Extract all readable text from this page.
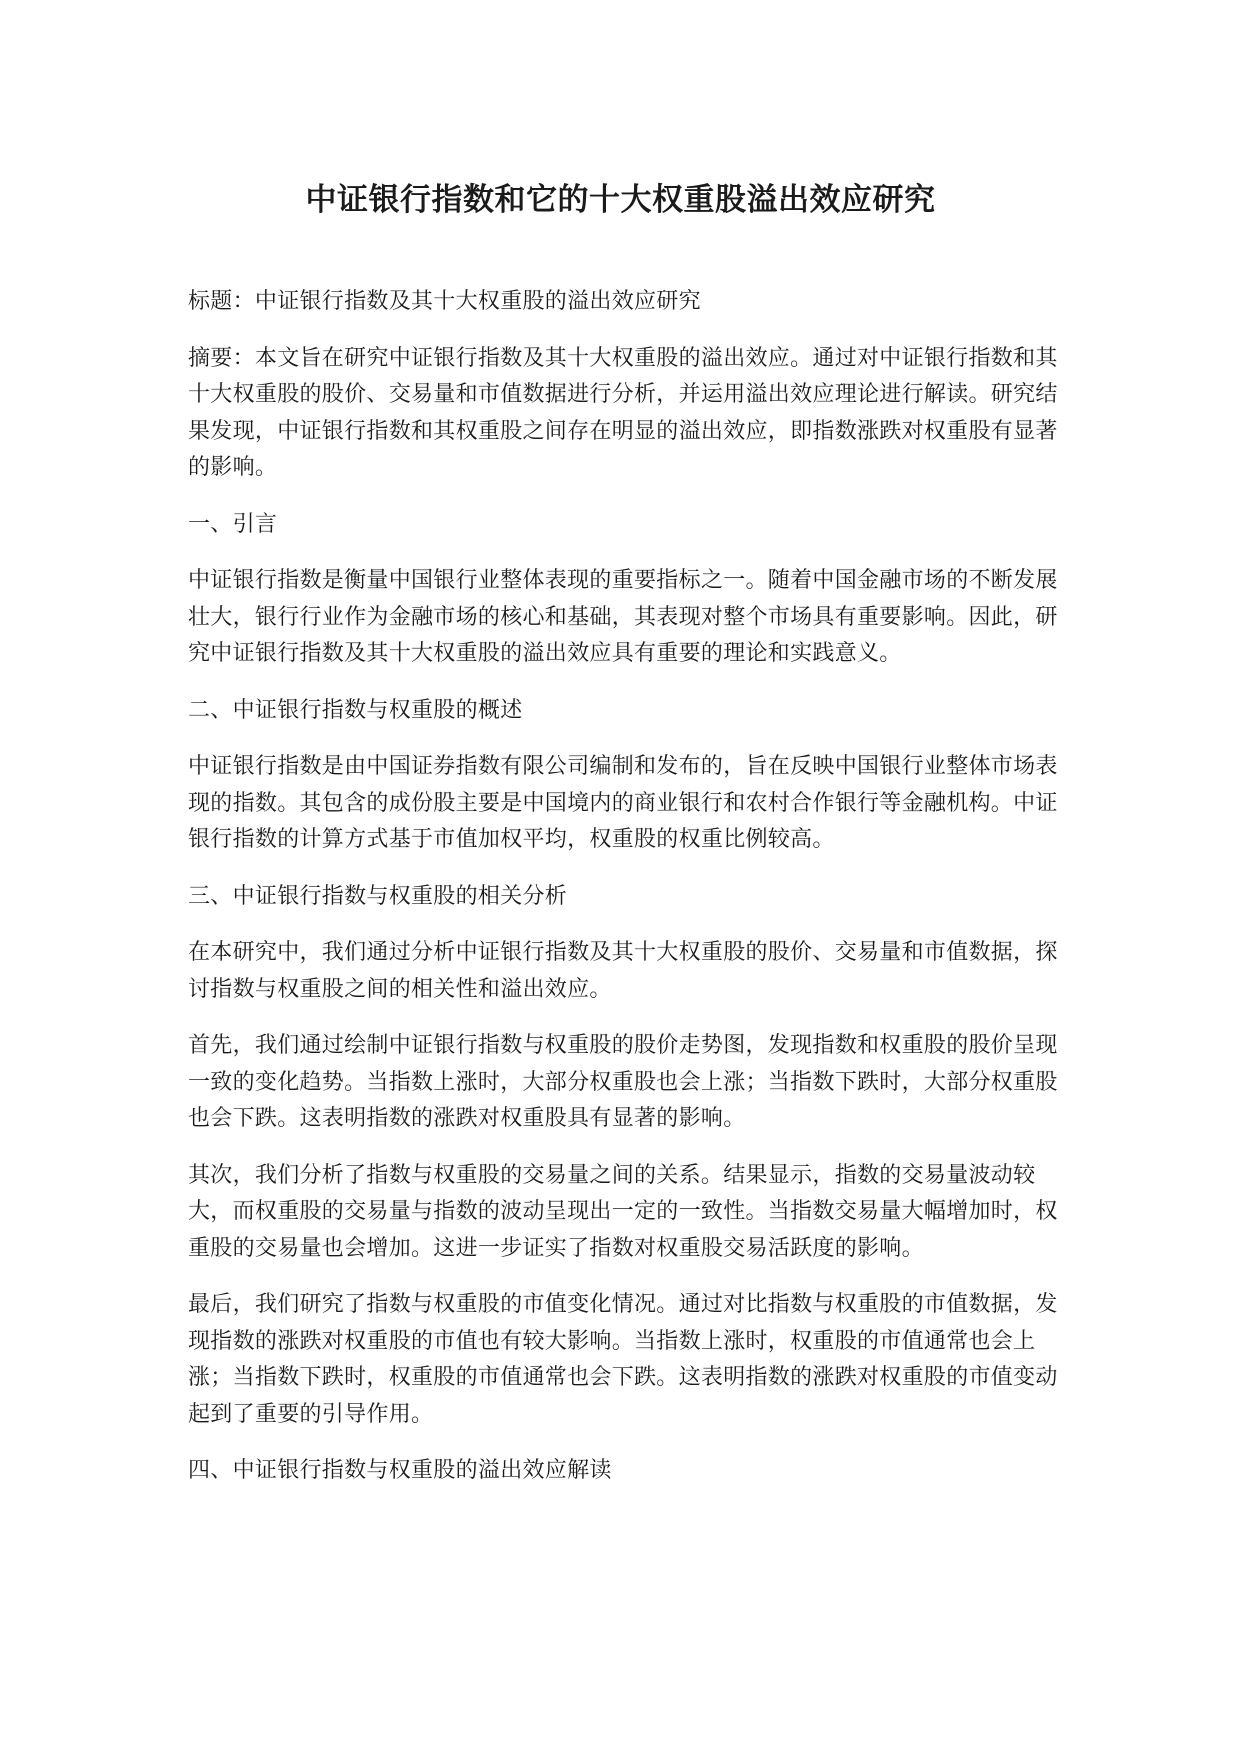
中证银行指数和它的十大权重股溢出效应研究

标题：中证银行指数及其十大权重股的溢出效应研究

摘要：本文旨在研究中证银行指数及其十大权重股的溢出效应。通过对中证银行指数和其十大权重股的股价、交易量和市值数据进行分析，并运用溢出效应理论进行解读。研究结果发现，中证银行指数和其权重股之间存在明显的溢出效应，即指数涨跌对权重股有显著的影响。

一、引言

中证银行指数是衡量中国银行业整体表现的重要指标之一。随着中国金融市场的不断发展壮大，银行行业作为金融市场的核心和基础，其表现对整个市场具有重要影响。因此，研究中证银行指数及其十大权重股的溢出效应具有重要的理论和实践意义。

二、中证银行指数与权重股的概述

中证银行指数是由中国证券指数有限公司编制和发布的，旨在反映中国银行业整体市场表现的指数。其包含的成份股主要是中国境内的商业银行和农村合作银行等金融机构。中证银行指数的计算方式基于市值加权平均，权重股的权重比例较高。

三、中证银行指数与权重股的相关分析

在本研究中，我们通过分析中证银行指数及其十大权重股的股价、交易量和市值数据，探讨指数与权重股之间的相关性和溢出效应。

首先，我们通过绘制中证银行指数与权重股的股价走势图，发现指数和权重股的股价呈现一致的变化趋势。当指数上涨时，大部分权重股也会上涨；当指数下跌时，大部分权重股也会下跌。这表明指数的涨跌对权重股具有显著的影响。

其次，我们分析了指数与权重股的交易量之间的关系。结果显示，指数的交易量波动较大，而权重股的交易量与指数的波动呈现出一定的一致性。当指数交易量大幅增加时，权重股的交易量也会增加。这进一步证实了指数对权重股交易活跃度的影响。

最后，我们研究了指数与权重股的市值变化情况。通过对比指数与权重股的市值数据，发现指数的涨跌对权重股的市值也有较大影响。当指数上涨时，权重股的市值通常也会上涨；当指数下跌时，权重股的市值通常也会下跌。这表明指数的涨跌对权重股的市值变动起到了重要的引导作用。

四、中证银行指数与权重股的溢出效应解读
